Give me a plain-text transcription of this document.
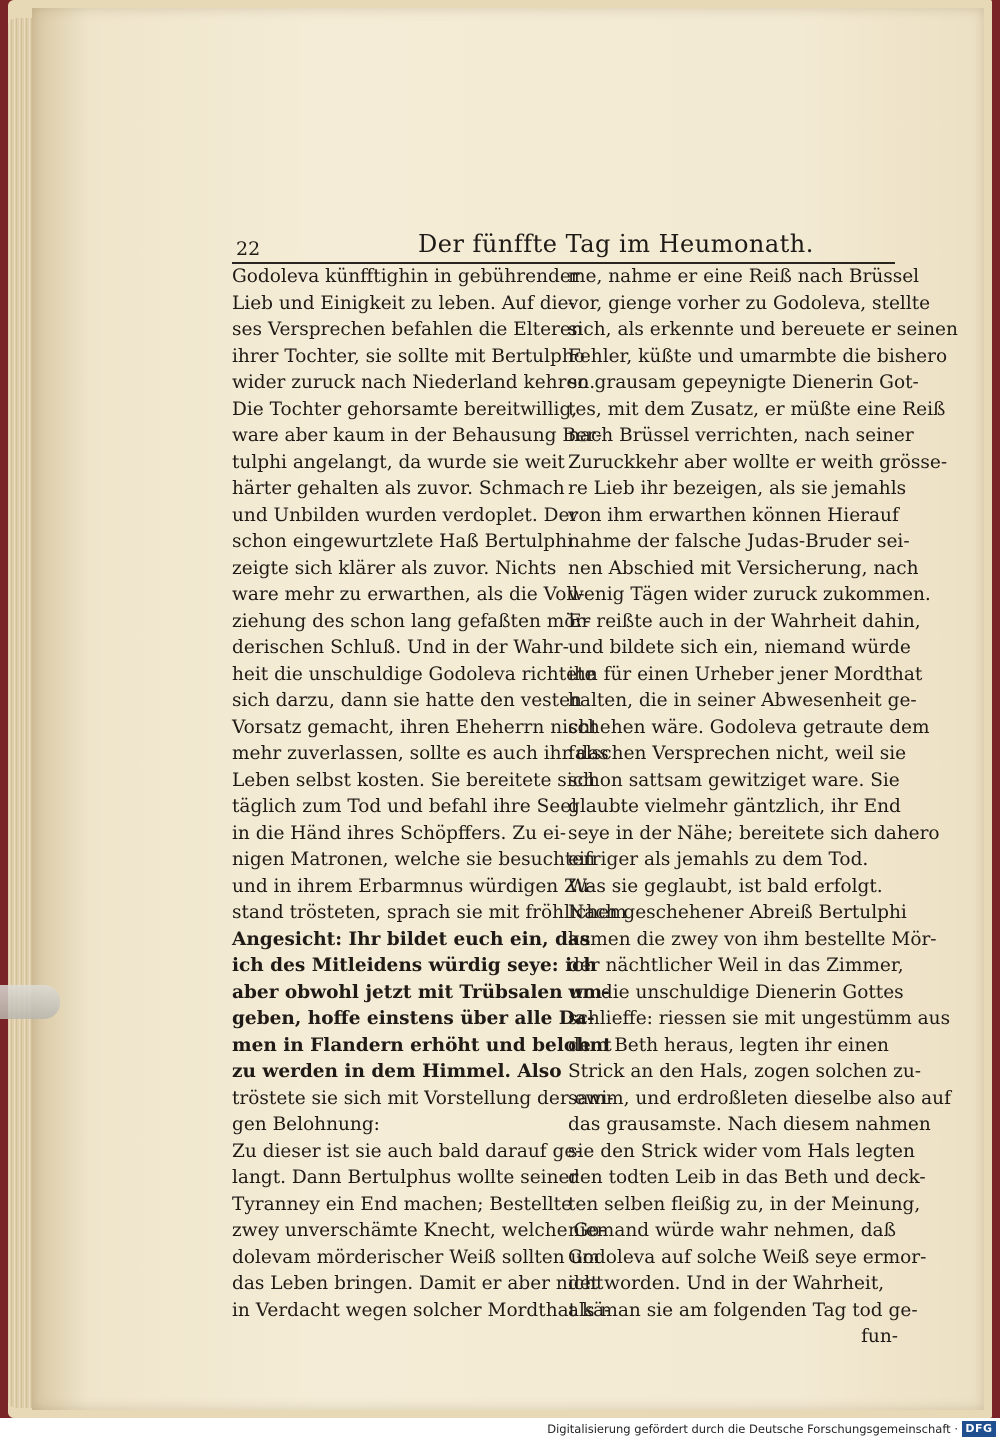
22	Der fünffte Tag im Heumonath.
Godoleva künfftighin in gebührender
Lieb und Einigkeit zu leben. Auf die-
ses Versprechen befahlen die Elteren
ihrer Tochter, sie sollte mit Bertulpho
wider zuruck nach Niederland kehren.
Die Tochter gehorsamte bereitwillig,
ware aber kaum in der Behausung Ber-
tulphi angelangt, da wurde sie weit
härter gehalten als zuvor. Schmach
und Unbilden wurden verdoplet. Der
schon eingewurtzlete Haß Bertulphi
zeigte sich klärer als zuvor. Nichts
ware mehr zu erwarthen, als die Voll-
ziehung des schon lang gefaßten mör-
derischen Schluß. Und in der Wahr-
heit die unschuldige Godoleva richtete
sich darzu, dann sie hatte den vesten
Vorsatz gemacht, ihren Eheherrn nicht
mehr zuverlassen, sollte es auch ihr das
Leben selbst kosten. Sie bereitete sich
täglich zum Tod und befahl ihre Seel
in die Händ ihres Schöpffers. Zu ei-
nigen Matronen, welche sie besuchten
und in ihrem Erbarmnus würdigen Zu-
stand trösteten, sprach sie mit fröhlichem
Angesicht: Ihr bildet euch ein, das
ich des Mitleidens würdig seye: ich
aber obwohl jetzt mit Trübsalen um-
geben, hoffe einstens über alle Da-
men in Flandern erhöht und belohnt
zu werden in dem Himmel. Also
tröstete sie sich mit Vorstellung der ewi-
gen Belohnung:
Zu dieser ist sie auch bald darauf ge-
langt. Dann Bertulphus wollte seiner
Tyranney ein End machen; Bestellte
zwey unverschämte Knecht, welche Go-
dolevam mörderischer Weiß sollten um
das Leben bringen. Damit er aber nicht
in Verdacht wegen solcher Mordthat kä-
me, nahme er eine Reiß nach Brüssel
vor, gienge vorher zu Godoleva, stellte
sich, als erkennte und bereuete er seinen
Fehler, küßte und umarmbte die bishero
so grausam gepeynigte Dienerin Got-
tes, mit dem Zusatz, er müßte eine Reiß
nach Brüssel verrichten, nach seiner
Zuruckkehr aber wollte er weith grösse-
re Lieb ihr bezeigen, als sie jemahls
von ihm erwarthen können Hierauf
nahme der falsche Judas-Bruder sei-
nen Abschied mit Versicherung, nach
wenig Tägen wider zuruck zukommen.
Er reißte auch in der Wahrheit dahin,
und bildete sich ein, niemand würde
ihn für einen Urheber jener Mordthat
halten, die in seiner Abwesenheit ge-
schehen wäre. Godoleva getraute dem
falschen Versprechen nicht, weil sie
schon sattsam gewitziget ware. Sie
glaubte vielmehr gäntzlich, ihr End
seye in der Nähe; bereitete sich dahero
eifriger als jemahls zu dem Tod.
Was sie geglaubt, ist bald erfolgt.
Nach geschehener Abreiß Bertulphi
kamen die zwey von ihm bestellte Mör-
der nächtlicher Weil in das Zimmer,
wo die unschuldige Dienerin Gottes
schlieffe: riessen sie mit ungestümm aus
dem Beth heraus, legten ihr einen
Strick an den Hals, zogen solchen zu-
samm, und erdroßleten dieselbe also auf
das grausamste. Nach diesem nahmen
sie den Strick wider vom Hals legten
den todten Leib in das Beth und deck-
ten selben fleißig zu, in der Meinung,
niemand würde wahr nehmen, daß
Godoleva auf solche Weiß seye ermor-
det worden. Und in der Wahrheit,
als man sie am folgenden Tag tod ge-
fun-
Digitalisierung gefördert durch die Deutsche Forschungsgemeinschaft · DFG
